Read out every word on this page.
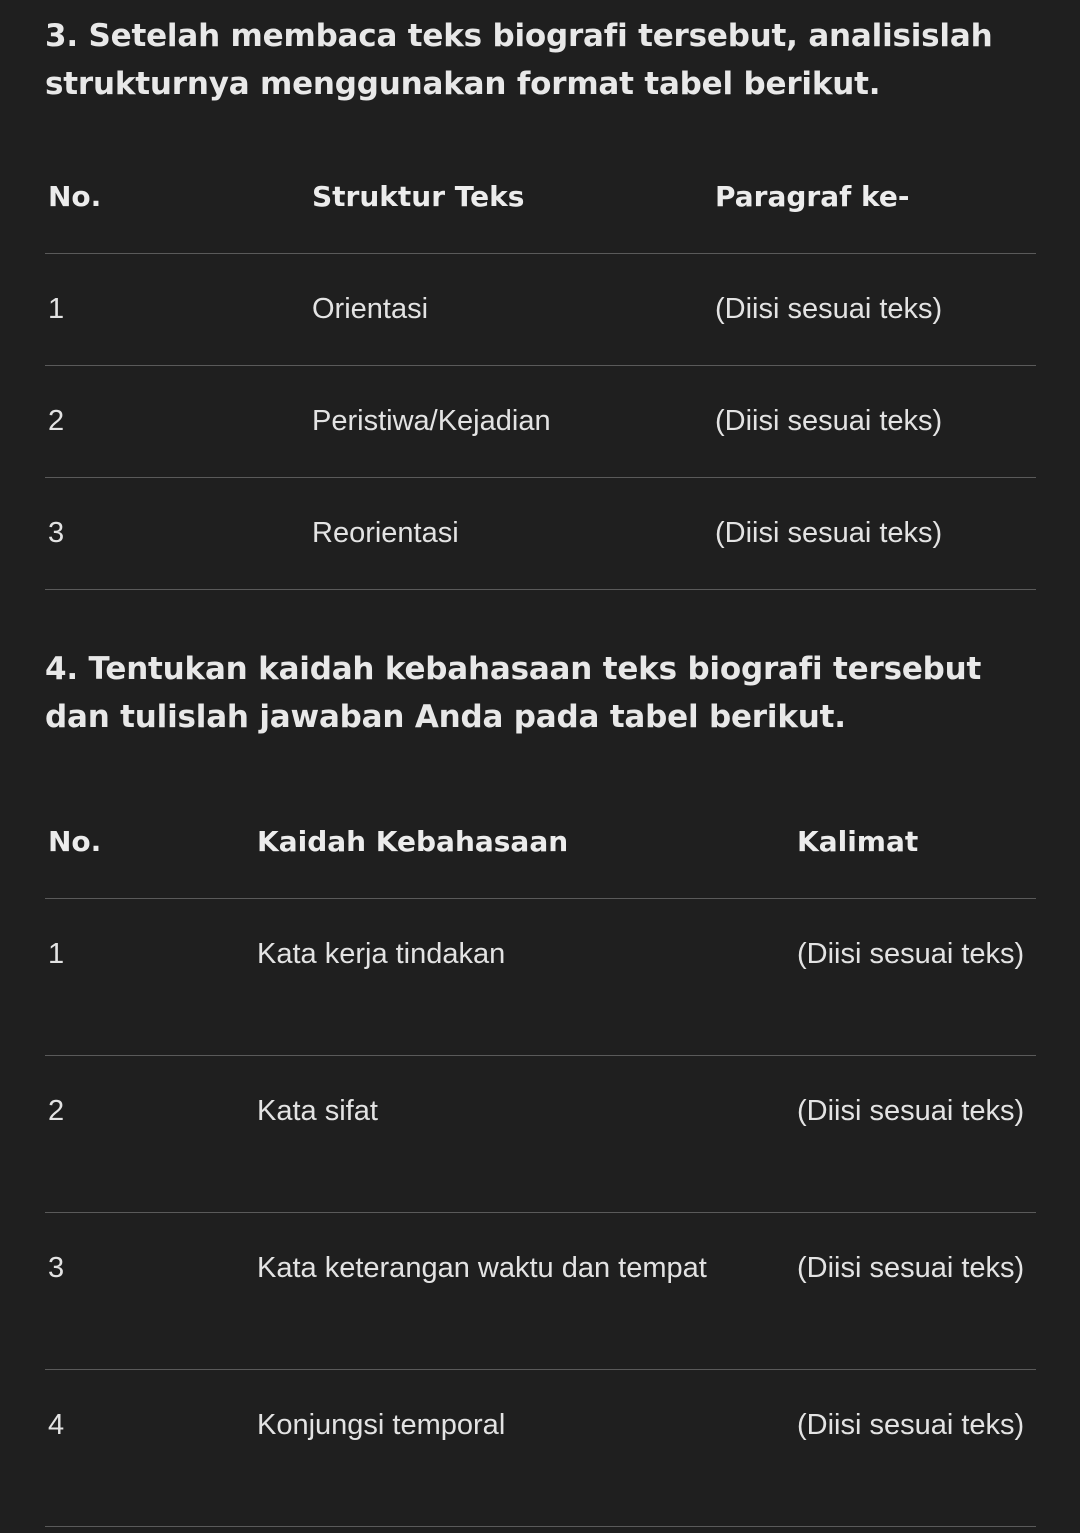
3. Setelah membaca teks biografi tersebut, analisislah strukturnya menggunakan format tabel berikut.
No.	Struktur Teks	Paragraf ke-
1	Orientasi	(Diisi sesuai teks)
2	Peristiwa/Kejadian	(Diisi sesuai teks)
3	Reorientasi	(Diisi sesuai teks)
4. Tentukan kaidah kebahasaan teks biografi tersebut dan tulislah jawaban Anda pada tabel berikut.
No.	Kaidah Kebahasaan	Kalimat
1	Kata kerja tindakan	(Diisi sesuai teks)
2	Kata sifat	(Diisi sesuai teks)
3	Kata keterangan waktu dan tempat	(Diisi sesuai teks)
4	Konjungsi temporal	(Diisi sesuai teks)
